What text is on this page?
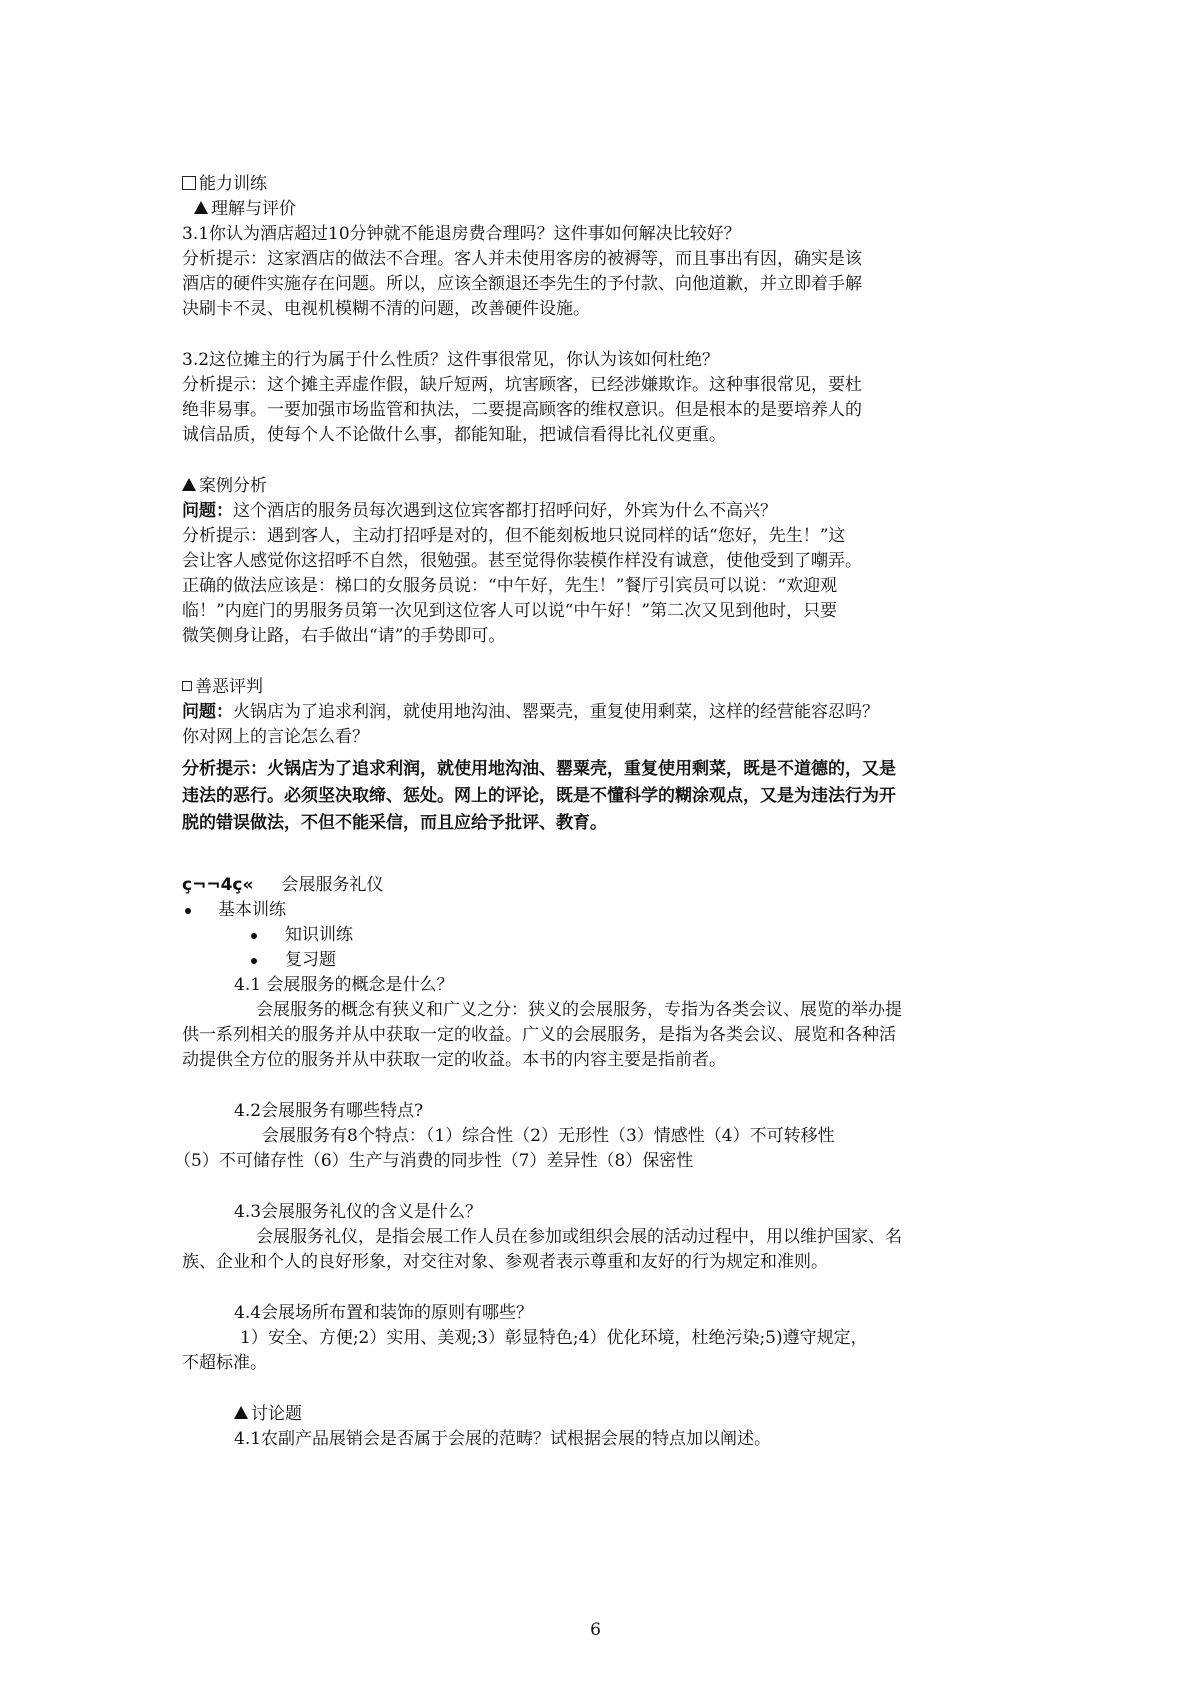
能力训练

理解与评价

3.1你认为酒店超过10分钟就不能退房费合理吗？这件事如何解决比较好？

分析提示：这家酒店的做法不合理。客人并未使用客房的被褥等，而且事出有因，确实是该

酒店的硬件实施存在问题。所以，应该全额退还李先生的予付款、向他道歉，并立即着手解

决刷卡不灵、电视机模糊不清的问题，改善硬件设施。

3.2这位摊主的行为属于什么性质？这件事很常见，你认为该如何杜绝？

分析提示：这个摊主弄虚作假，缺斤短两，坑害顾客，已经涉嫌欺诈。这种事很常见，要杜

绝非易事。一要加强市场监管和执法，二要提高顾客的维权意识。但是根本的是要培养人的

诚信品质，使每个人不论做什么事，都能知耻，把诚信看得比礼仪更重。

案例分析

问题：这个酒店的服务员每次遇到这位宾客都打招呼问好，外宾为什么不高兴？

分析提示：遇到客人，主动打招呼是对的，但不能刻板地只说同样的话“您好，先生！”这

会让客人感觉你这招呼不自然，很勉强。甚至觉得你装模作样没有诚意，使他受到了嘲弄。

正确的做法应该是：梯口的女服务员说：“中午好，先生！”餐厅引宾员可以说：“欢迎观

临！”内庭门的男服务员第一次见到这位客人可以说“中午好！”第二次又见到他时，只要

微笑侧身让路，右手做出“请”的手势即可。

善恶评判

问题：火锅店为了追求利润，就使用地沟油、罂粟壳，重复使用剩菜，这样的经营能容忍吗？

你对网上的言论怎么看？

分析提示：火锅店为了追求利润，就使用地沟油、罂粟壳，重复使用剩菜，既是不道德的，又是

违法的恶行。必须坚决取缔、惩处。网上的评论，既是不懂科学的糊涂观点，又是为违法行为开

脱的错误做法，不但不能采信，而且应给予批评、教育。

ç¬¬4ç« 会展服务礼仪

基本训练
知识训练
复习题

4.1 会展服务的概念是什么？

会展服务的概念有狭义和广义之分：狭义的会展服务，专指为各类会议、展览的举办提

供一系列相关的服务并从中获取一定的收益。广义的会展服务，是指为各类会议、展览和各种活

动提供全方位的服务并从中获取一定的收益。本书的内容主要是指前者。

4.2会展服务有哪些特点?

会展服务有8个特点：（1）综合性（2）无形性（3）情感性（4）不可转移性

（5）不可储存性（6）生产与消费的同步性（7）差异性（8）保密性

4.3会展服务礼仪的含义是什么？

会展服务礼仪，是指会展工作人员在参加或组织会展的活动过程中，用以维护国家、名

族、企业和个人的良好形象，对交往对象、参观者表示尊重和友好的行为规定和准则。

4.4会展场所布置和装饰的原则有哪些？

1）安全、方便;2）实用、美观;3）彰显特色;4）优化环境，杜绝污染;5)遵守规定，

不超标准。

讨论题

4.1农副产品展销会是否属于会展的范畴？试根据会展的特点加以阐述。

6
